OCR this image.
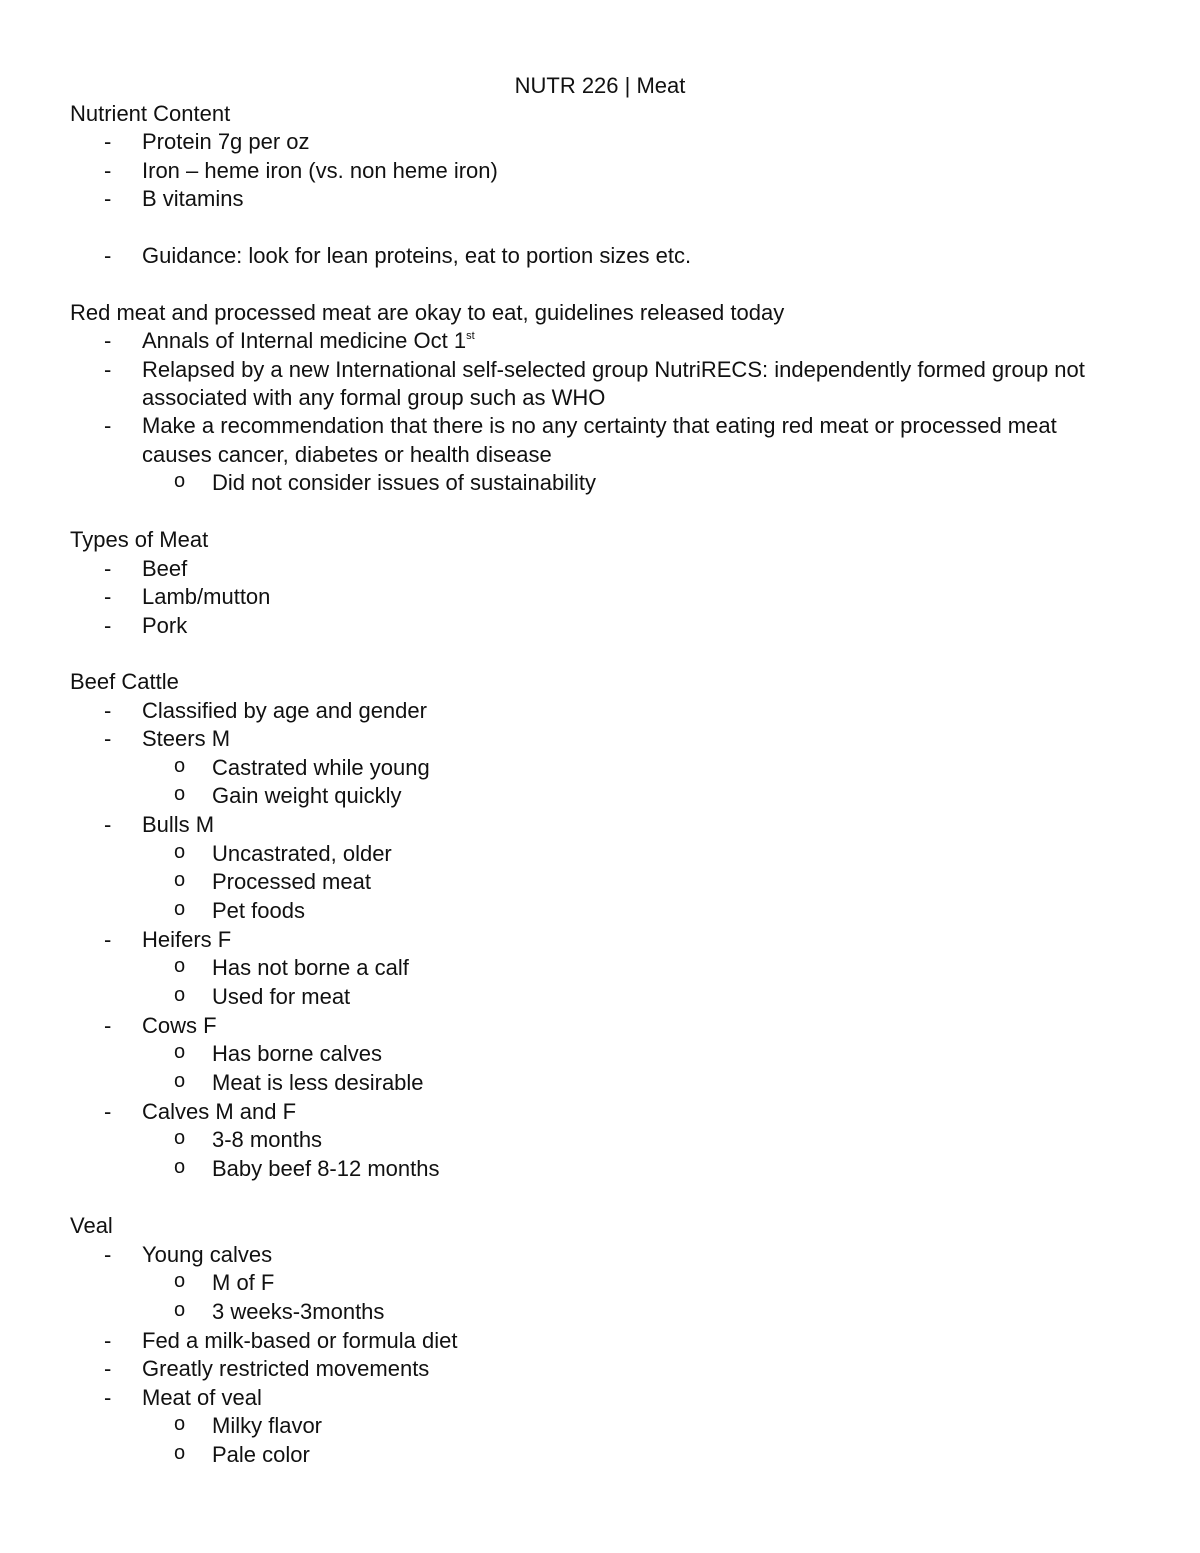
NUTR 226 | Meat
Nutrient Content
- Protein 7g per oz
- Iron – heme iron (vs. non heme iron)
- B vitamins
- Guidance: look for lean proteins, eat to portion sizes etc.
Red meat and processed meat are okay to eat, guidelines released today
- Annals of Internal medicine Oct 1st
- Relapsed by a new International self-selected group NutriRECS: independently formed group not associated with any formal group such as WHO
- Make a recommendation that there is no any certainty that eating red meat or processed meat causes cancer, diabetes or health disease
o Did not consider issues of sustainability
Types of Meat
- Beef
- Lamb/mutton
- Pork
Beef Cattle
- Classified by age and gender
- Steers M
o Castrated while young
o Gain weight quickly
- Bulls M
o Uncastrated, older
o Processed meat
o Pet foods
- Heifers F
o Has not borne a calf
o Used for meat
- Cows F
o Has borne calves
o Meat is less desirable
- Calves M and F
o 3-8 months
o Baby beef 8-12 months
Veal
- Young calves
o M of F
o 3 weeks-3months
- Fed a milk-based or formula diet
- Greatly restricted movements
- Meat of veal
o Milky flavor
o Pale color
